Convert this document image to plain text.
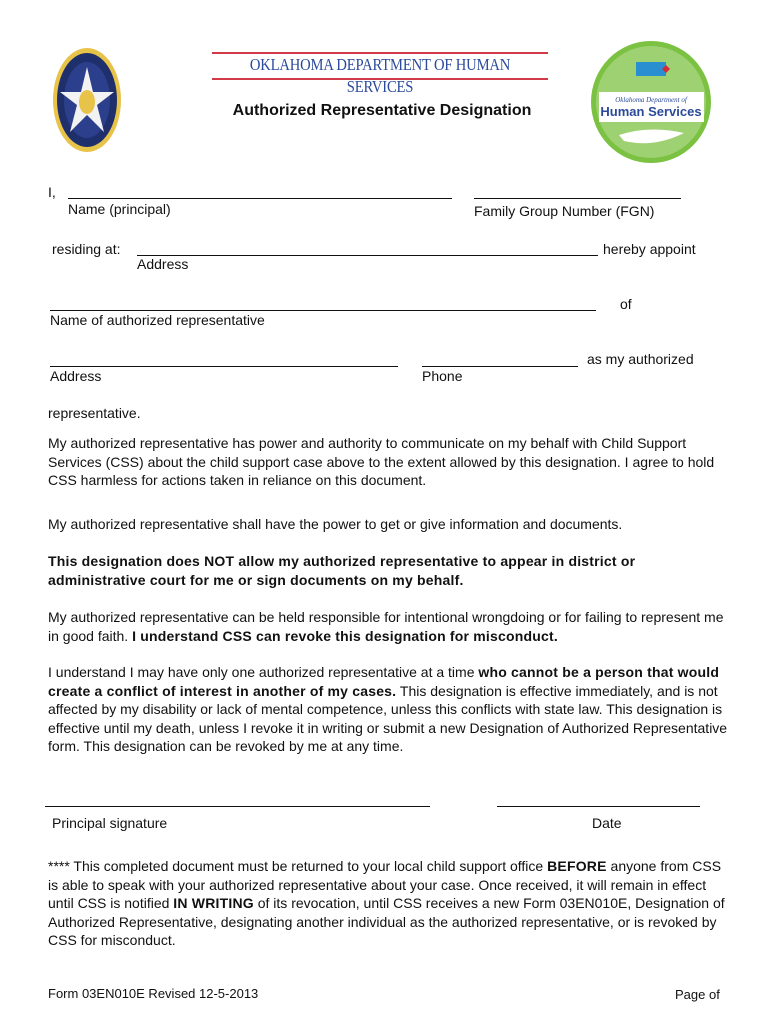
OKLAHOMA DEPARTMENT OF HUMAN SERVICES
Authorized Representative Designation
Oklahoma Department of
Human Services
I,
Name (principal)	Family Group Number (FGN)
residing at:	hereby appoint
Address
of
Name of authorized representative
Address	Phone
as my authorized
representative.
My authorized representative has power and authority to communicate on my behalf with Child Support Services (CSS) about the child support case above to the extent allowed by this designation. I agree to hold CSS harmless for actions taken in reliance on this document.
My authorized representative shall have the power to get or give information and documents.
This designation does NOT allow my authorized representative to appear in district or administrative court for me or sign documents on my behalf.
My authorized representative can be held responsible for intentional wrongdoing or for failing to represent me in good faith. I understand CSS can revoke this designation for misconduct.
I understand I may have only one authorized representative at a time who cannot be a person that would create a conflict of interest in another of my cases. This designation is effective immediately, and is not affected by my disability or lack of mental competence, unless this conflicts with state law. This designation is effective until my death, unless I revoke it in writing or submit a new Designation of Authorized Representative form. This designation can be revoked by me at any time.
Principal signature	Date
**** This completed document must be returned to your local child support office BEFORE anyone from CSS is able to speak with your authorized representative about your case. Once received, it will remain in effect until CSS is notified IN WRITING of its revocation, until CSS receives a new Form 03EN010E, Designation of Authorized Representative, designating another individual as the authorized representative, or is revoked by CSS for misconduct.
Form 03EN010E Revised 12-5-2013	Page of
